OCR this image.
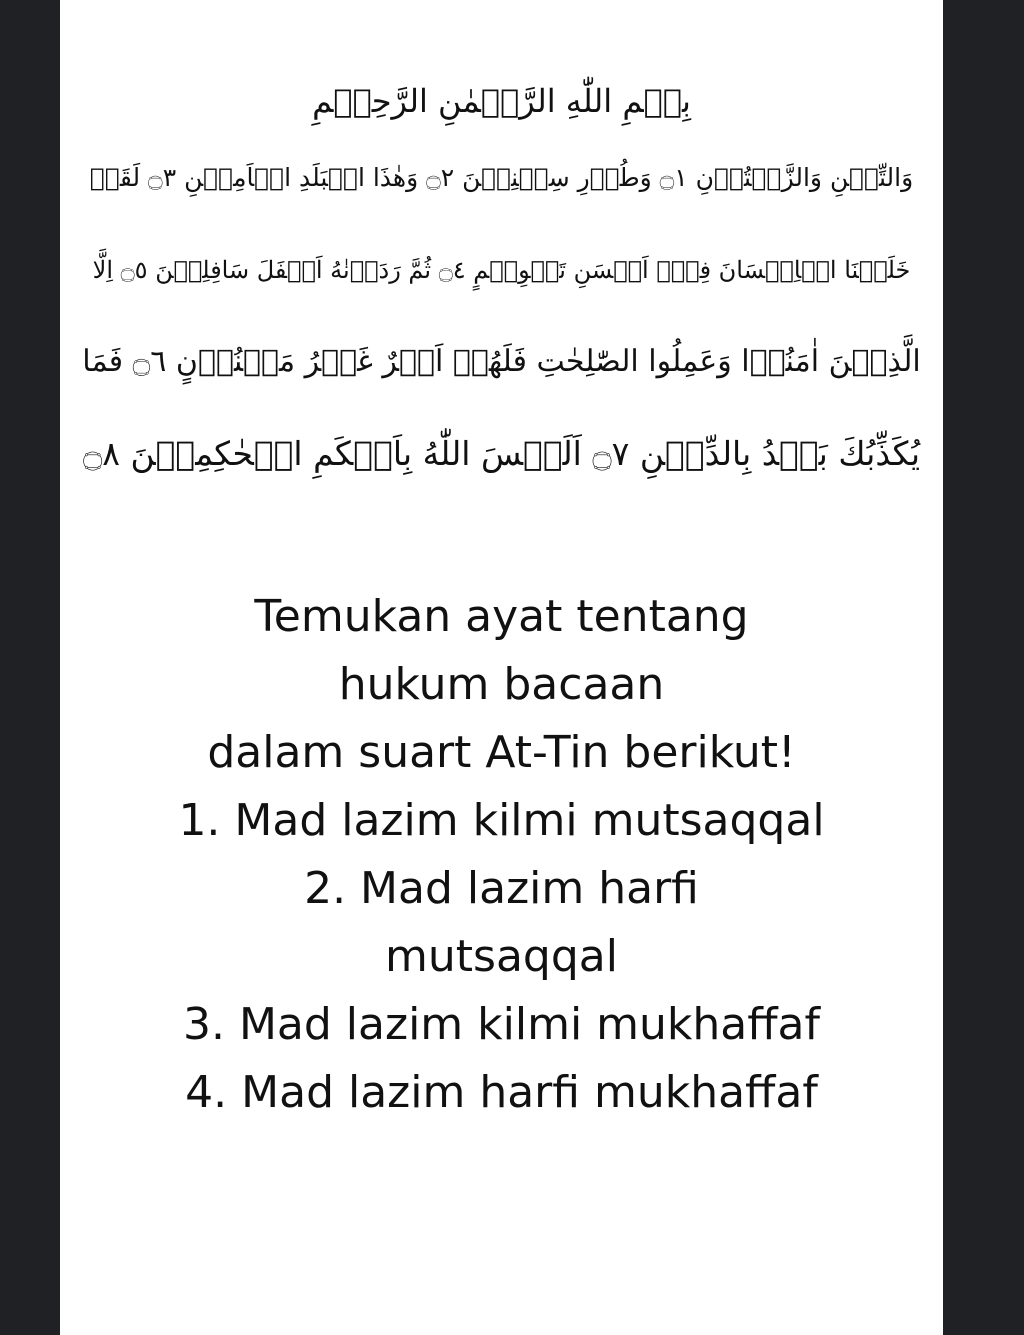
بِسۡمِ اللّٰهِ الرَّحۡمٰنِ الرَّحِيۡمِ
وَالتِّيۡنِ وَالزَّيۡتُوۡنِ ۝١ وَطُوۡرِ سِيۡنِيۡنَ ۝٢ وَهٰذَا الۡبَلَدِ الۡاَمِيۡنِ ۝٣ لَقَدۡ
خَلَقۡنَا الۡاِنۡسَانَ فِىۡۤ اَحۡسَنِ تَقۡوِيۡمٍ ۝٤ ثُمَّ رَدَدۡنٰهُ اَسۡفَلَ سَافِلِيۡنَ ۝٥ اِلَّا
الَّذِيۡنَ اٰمَنُوۡا وَعَمِلُوا الصّٰلِحٰتِ فَلَهُمۡ اَجۡرٌ غَيۡرُ مَمۡنُوۡنٍ ۝٦ فَمَا
يُكَذِّبُكَ بَعۡدُ بِالدِّيۡنِ ۝٧ اَلَيۡسَ اللّٰهُ بِاَحۡكَمِ الۡحٰكِمِيۡنَ ۝٨
Temukan ayat tentang
hukum bacaan
dalam suart At-Tin berikut!
1. Mad lazim kilmi mutsaqqal
2. Mad lazim harfi
mutsaqqal
3. Mad lazim kilmi mukhaffaf
4. Mad lazim harfi mukhaffaf
